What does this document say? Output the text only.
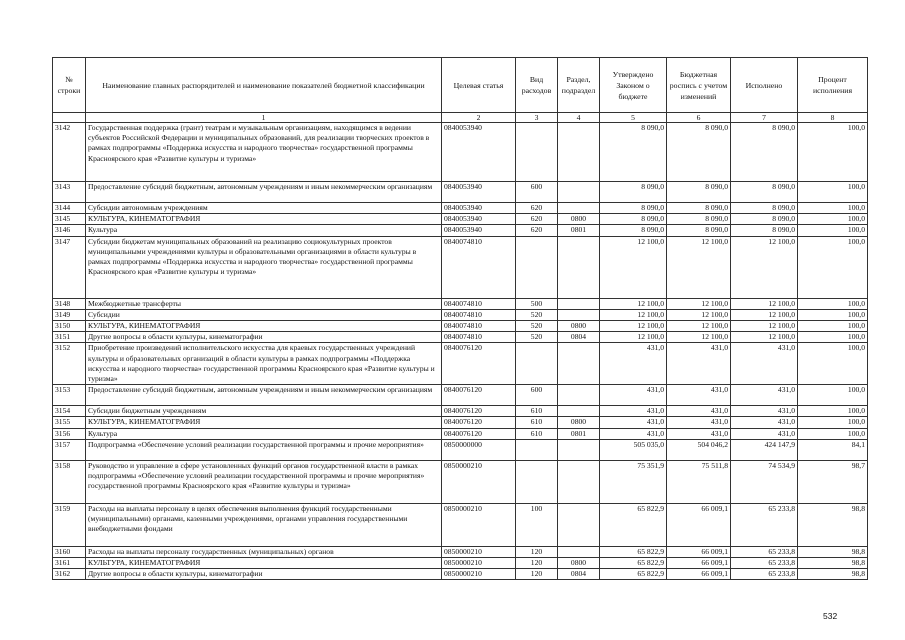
№ строки	Наименование главных распорядителей и наименование показателей бюджетной классификации	Целевая статья	Вид расходов	Раздел, подраздел	Утверждено Законом о бюджете	Бюджетная роспись с учетом изменений	Исполнено	Процент исполнения
	1	2	3	4	5	6	7	8
3142	Государственная поддержка (грант) театрам и музыкальным организациям, находящимся в ведении субъектов Российской Федерации и муниципальных образований, для реализации творческих проектов в рамках подпрограммы «Поддержка искусства и народного творчества» государственной программы Красноярского края «Развитие культуры и туризма»	0840053940			8 090,0	8 090,0	8 090,0	100,0
3143	Предоставление субсидий бюджетным, автономным учреждениям и иным некоммерческим организациям	0840053940	600		8 090,0	8 090,0	8 090,0	100,0
3144	Субсидии автономным учреждениям	0840053940	620		8 090,0	8 090,0	8 090,0	100,0
3145	КУЛЬТУРА, КИНЕМАТОГРАФИЯ	0840053940	620	0800	8 090,0	8 090,0	8 090,0	100,0
3146	Культура	0840053940	620	0801	8 090,0	8 090,0	8 090,0	100,0
3147	Субсидии бюджетам муниципальных образований на реализацию социокультурных проектов муниципальными учреждениями культуры и образовательными организациями в области культуры в рамках подпрограммы «Поддержка искусства и народного творчества» государственной программы Красноярского края «Развитие культуры и туризма»	0840074810			12 100,0	12 100,0	12 100,0	100,0
3148	Межбюджетные трансферты	0840074810	500		12 100,0	12 100,0	12 100,0	100,0
3149	Субсидии	0840074810	520		12 100,0	12 100,0	12 100,0	100,0
3150	КУЛЬТУРА, КИНЕМАТОГРАФИЯ	0840074810	520	0800	12 100,0	12 100,0	12 100,0	100,0
3151	Другие вопросы в области культуры, кинематографии	0840074810	520	0804	12 100,0	12 100,0	12 100,0	100,0
3152	Приобретение произведений исполнительского искусства для краевых государственных учреждений культуры и образовательных организаций в области культуры в рамках подпрограммы «Поддержка искусства и народного творчества» государственной программы Красноярского края «Развитие культуры и туризма»	0840076120			431,0	431,0	431,0	100,0
3153	Предоставление субсидий бюджетным, автономным учреждениям и иным некоммерческим организациям	0840076120	600		431,0	431,0	431,0	100,0
3154	Субсидии бюджетным учреждениям	0840076120	610		431,0	431,0	431,0	100,0
3155	КУЛЬТУРА, КИНЕМАТОГРАФИЯ	0840076120	610	0800	431,0	431,0	431,0	100,0
3156	Культура	0840076120	610	0801	431,0	431,0	431,0	100,0
3157	Подпрограмма «Обеспечение условий реализации государственной программы и прочие мероприятия»	0850000000			505 035,0	504 046,2	424 147,9	84,1
3158	Руководство и управление в сфере установленных функций органов государственной власти в рамках подпрограммы «Обеспечение условий реализации государственной программы и прочие мероприятия» государственной программы Красноярского края «Развитие культуры и туризма»	0850000210			75 351,9	75 511,8	74 534,9	98,7
3159	Расходы на выплаты персоналу в целях обеспечения выполнения функций государственными (муниципальными) органами, казенными учреждениями, органами управления государственными внебюджетными фондами	0850000210	100		65 822,9	66 009,1	65 233,8	98,8
3160	Расходы на выплаты персоналу государственных (муниципальных) органов	0850000210	120		65 822,9	66 009,1	65 233,8	98,8
3161	КУЛЬТУРА, КИНЕМАТОГРАФИЯ	0850000210	120	0800	65 822,9	66 009,1	65 233,8	98,8
3162	Другие вопросы в области культуры, кинематографии	0850000210	120	0804	65 822,9	66 009,1	65 233,8	98,8
532
